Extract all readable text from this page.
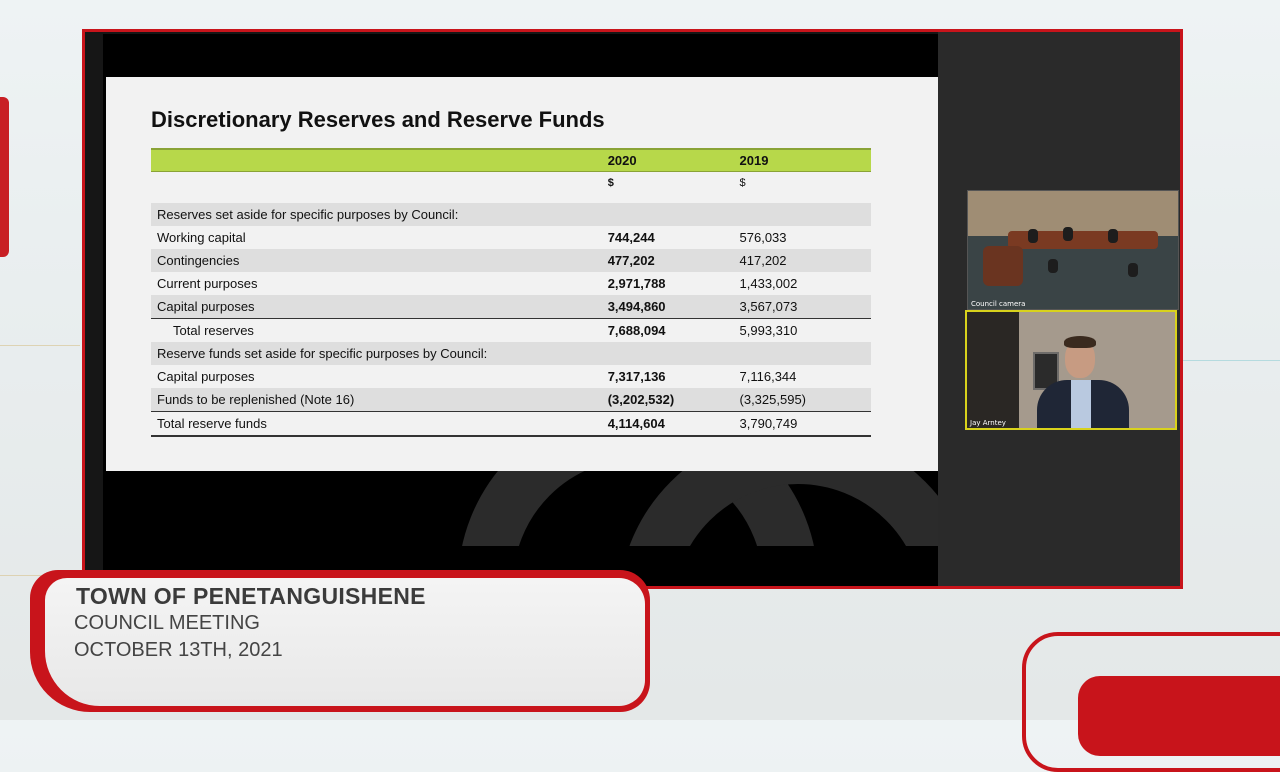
Discretionary Reserves and Reserve Funds
	2020	2019
	$	$

Reserves set aside for specific purposes by Council:		
Working capital	744,244	576,033
Contingencies	477,202	417,202
Current purposes	2,971,788	1,433,002
Capital purposes	3,494,860	3,567,073
Total reserves	7,688,094	5,993,310
Reserve funds set aside for specific purposes by Council:		
Capital purposes	7,317,136	7,116,344
Funds to be replenished (Note 16)	(3,202,532)	(3,325,595)
Total reserve funds	4,114,604	3,790,749
Council camera
Jay Arntey
TOWN OF PENETANGUISHENE
COUNCIL MEETING
OCTOBER 13TH, 2021
